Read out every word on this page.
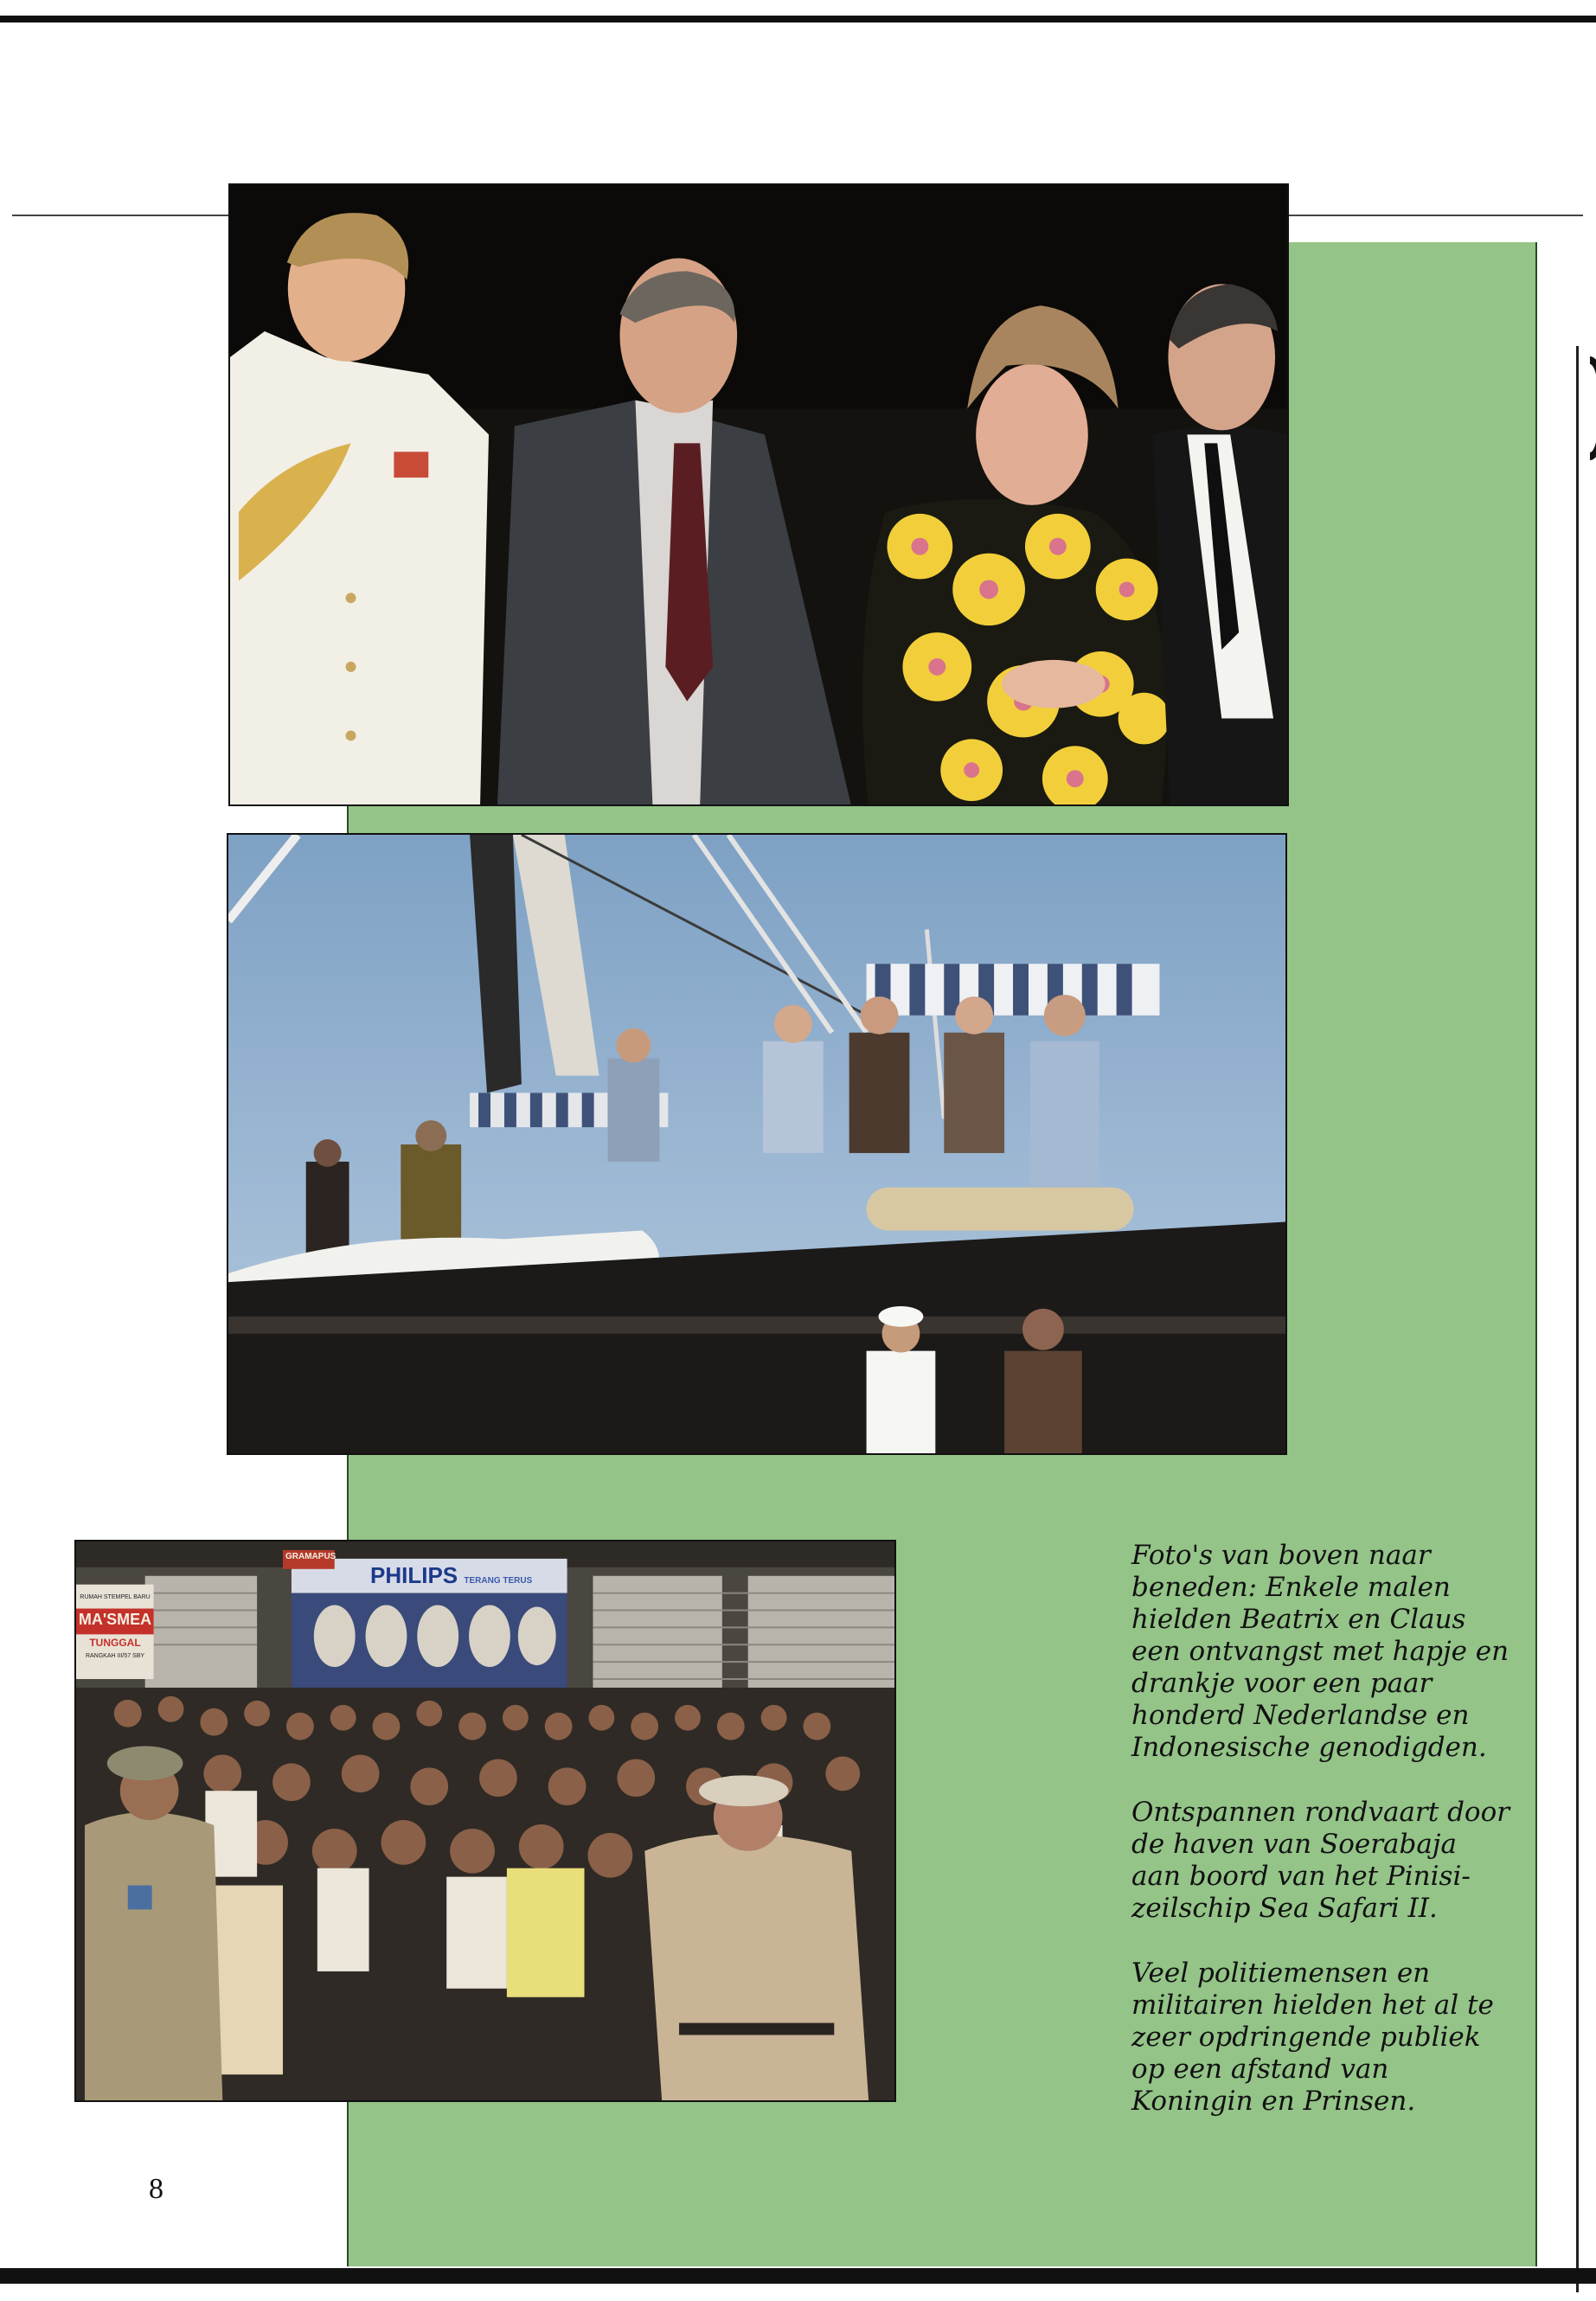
RUMAH STEMPEL BARU
MA'SMEA
TUNGGAL
RANGKAH III/57 SBY
PHILIPS TERANG TERUS
GRAMAPUS	Foto's van boven naar beneden: Enkele malen hielden Beatrix en Claus een ontvangst met hapje en drankje voor een paar honderd Nederlandse en Indonesische genodigden.

Ontspannen rondvaart door de haven van Soerabaja aan boord van het Pinisi-zeilschip Sea Safari II.

Veel politiemensen en militairen hielden het al te zeer opdringende publiek op een afstand van Koningin en Prinsen.

8
